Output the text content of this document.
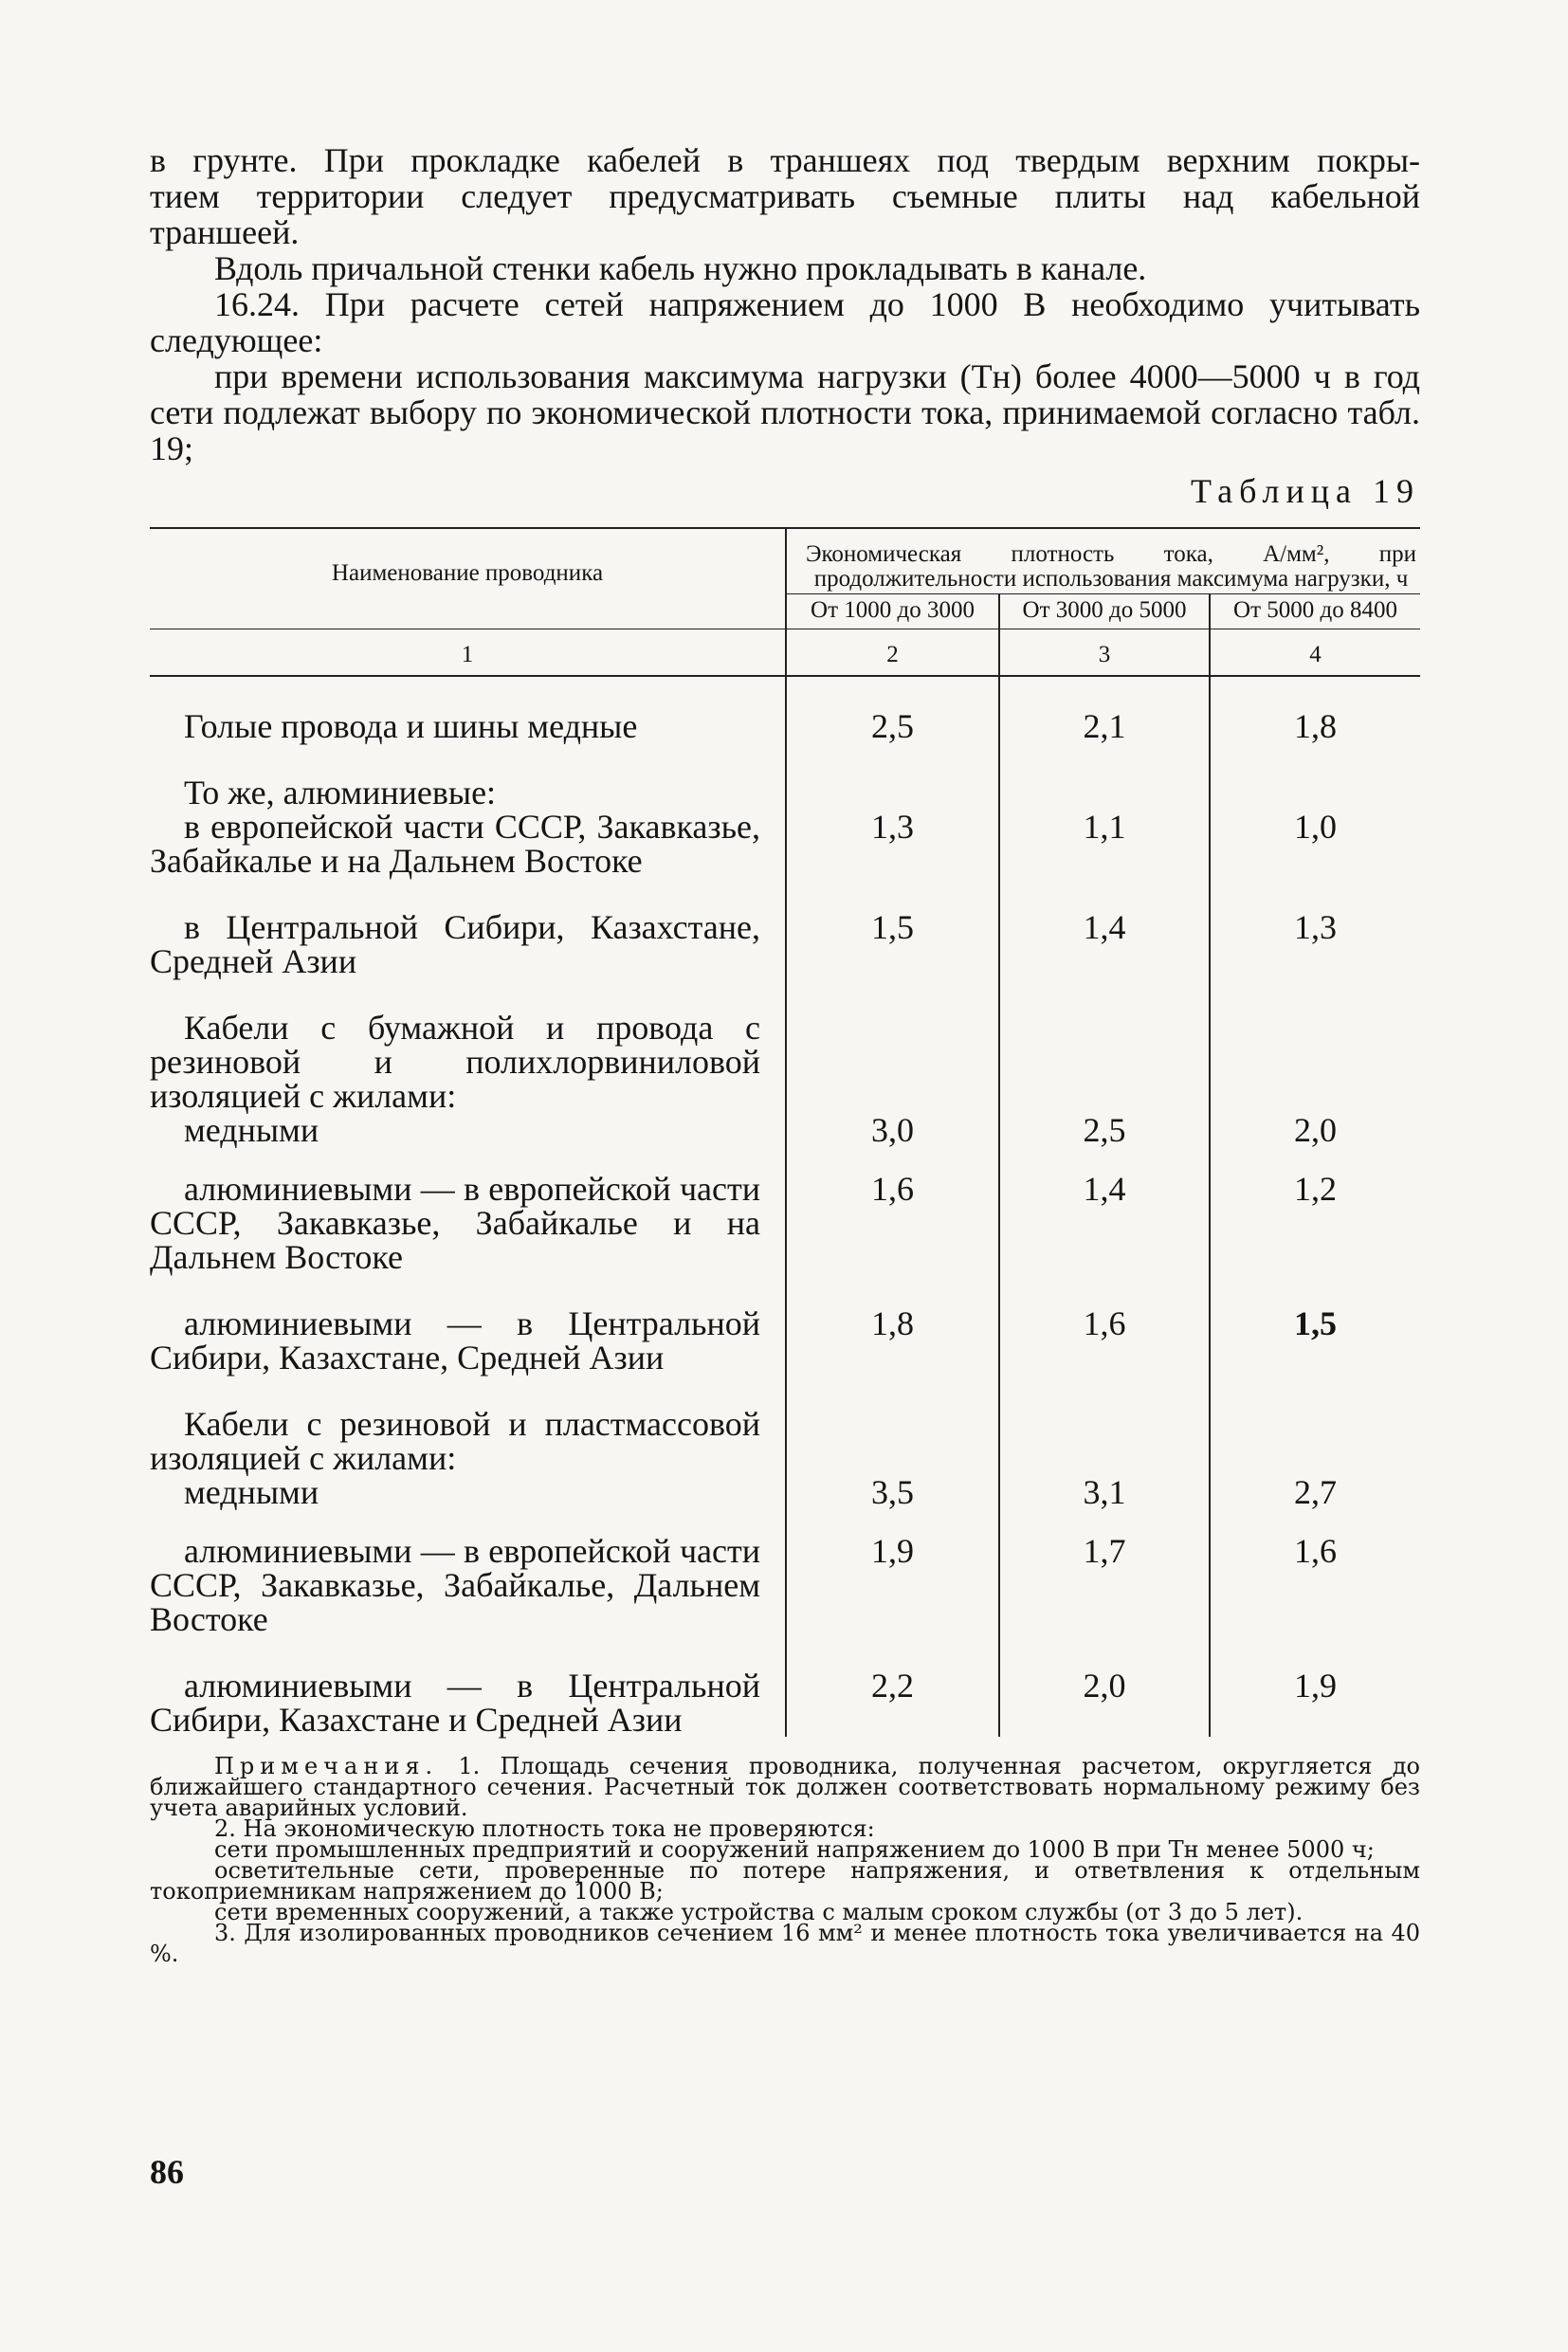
в грунте. При прокладке кабелей в траншеях под твердым верхним покры-

тием территории следует предусматривать съемные плиты над кабельной

траншеей.

Вдоль причальной стенки кабель нужно прокладывать в канале.

16.24. При расчете сетей напряжением до 1000 В необходимо учитывать следующее:

при времени использования максимума нагрузки (Tн) более 4000—5000 ч в год сети подлежат выбору по экономической плотности тока, принимаемой согласно табл. 19;

Таблица 19
Наименование проводника	Экономическая плотность тока, А/мм², при продолжительности использования максимума нагрузки, ч		
	От 1000 до 3000	От 3000 до 5000	От 5000 до 8400
1	2	3	4
Голые провода и шины медные	2,5	2,1	1,8
То же, алюминиевые:			
в европейской части СССР, Закавказье, Забайкалье и на Дальнем Востоке	1,3	1,1	1,0
в Центральной Сибири, Казахстане, Средней Азии	1,5	1,4	1,3
Кабели с бумажной и провода с резиновой и полихлорвиниловой изоляцией с жилами:			
медными	3,0	2,5	2,0
алюминиевыми — в европейской части СССР, Закавказье, Забайкалье и на Дальнем Востоке	1,6	1,4	1,2
алюминиевыми — в Центральной Сибири, Казахстане, Средней Азии	1,8	1,6	1,5
Кабели с резиновой и пластмассовой изоляцией с жилами:			
медными	3,5	3,1	2,7
алюминиевыми — в европейской части СССР, Закавказье, Забайкалье, Дальнем Востоке	1,9	1,7	1,6
алюминиевыми — в Центральной Сибири, Казахстане и Средней Азии	2,2	2,0	1,9

Примечания. 1. Площадь сечения проводника, полученная расчетом, округляется до ближайшего стандартного сечения. Расчетный ток должен соответствовать нормальному режиму без учета аварийных условий.

2. На экономическую плотность тока не проверяются:

сети промышленных предприятий и сооружений напряжением до 1000 В при Tн менее 5000 ч;

осветительные сети, проверенные по потере напряжения, и ответвления к отдельным токоприемникам напряжением до 1000 В;

сети временных сооружений, а также устройства с малым сроком службы (от 3 до 5 лет).

3. Для изолированных проводников сечением 16 мм² и менее плотность тока увеличивается на 40 %.

86
